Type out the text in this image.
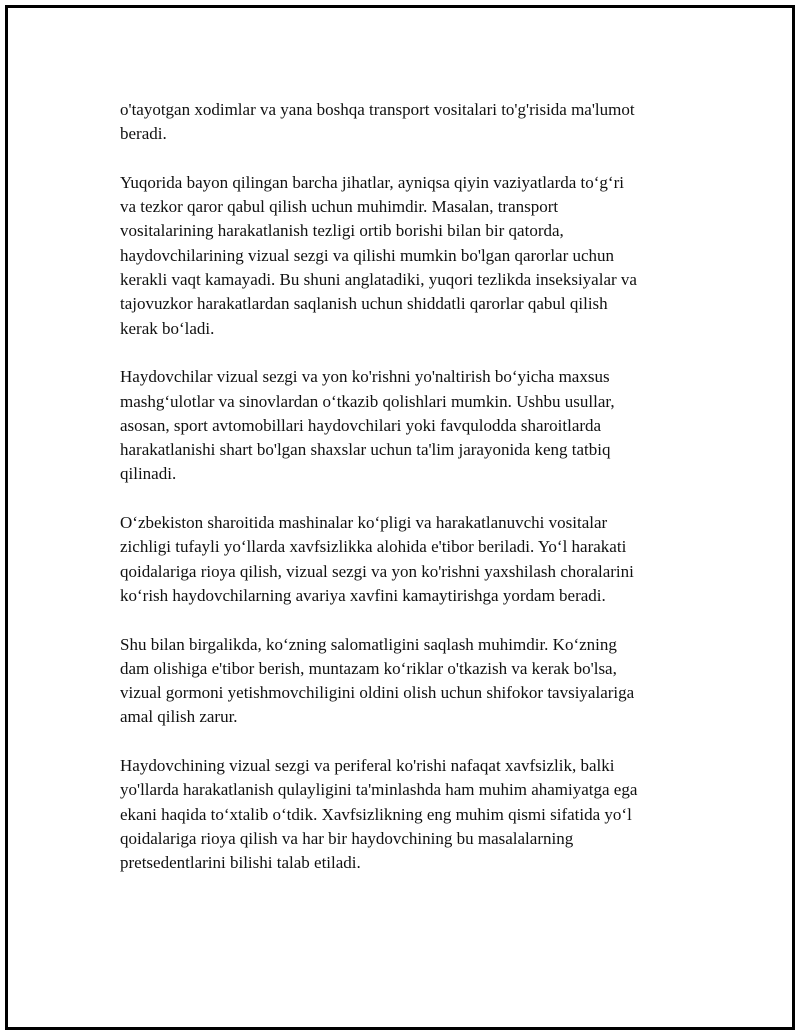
o'tayotgan xodimlar va yana boshqa transport vositalari to'g'risida ma'lumot
beradi.

Yuqorida bayon qilingan barcha jihatlar, ayniqsa qiyin vaziyatlarda to‘g‘ri
va tezkor qaror qabul qilish uchun muhimdir. Masalan, transport
vositalarining harakatlanish tezligi ortib borishi bilan bir qatorda,
haydovchilarining vizual sezgi va qilishi mumkin bo'lgan qarorlar uchun
kerakli vaqt kamayadi. Bu shuni anglatadiki, yuqori tezlikda inseksiyalar va
tajovuzkor harakatlardan saqlanish uchun shiddatli qarorlar qabul qilish
kerak bo‘ladi.

Haydovchilar vizual sezgi va yon ko'rishni yo'naltirish bo‘yicha maxsus
mashg‘ulotlar va sinovlardan o‘tkazib qolishlari mumkin. Ushbu usullar,
asosan, sport avtomobillari haydovchilari yoki favqulodda sharoitlarda
harakatlanishi shart bo'lgan shaxslar uchun ta'lim jarayonida keng tatbiq
qilinadi.

O‘zbekiston sharoitida mashinalar ko‘pligi va harakatlanuvchi vositalar
zichligi tufayli yo‘llarda xavfsizlikka alohida e'tibor beriladi. Yo‘l harakati
qoidalariga rioya qilish, vizual sezgi va yon ko'rishni yaxshilash choralarini
ko‘rish haydovchilarning avariya xavfini kamaytirishga yordam beradi.

Shu bilan birgalikda, ko‘zning salomatligini saqlash muhimdir. Ko‘zning
dam olishiga e'tibor berish, muntazam ko‘riklar o'tkazish va kerak bo'lsa,
vizual gormoni yetishmovchiligini oldini olish uchun shifokor tavsiyalariga
amal qilish zarur.

Haydovchining vizual sezgi va periferal ko'rishi nafaqat xavfsizlik, balki
yo'llarda harakatlanish qulayligini ta'minlashda ham muhim ahamiyatga ega
ekani haqida to‘xtalib o‘tdik. Xavfsizlikning eng muhim qismi sifatida yo‘l
qoidalariga rioya qilish va har bir haydovchining bu masalalarning
pretsedentlarini bilishi talab etiladi.
